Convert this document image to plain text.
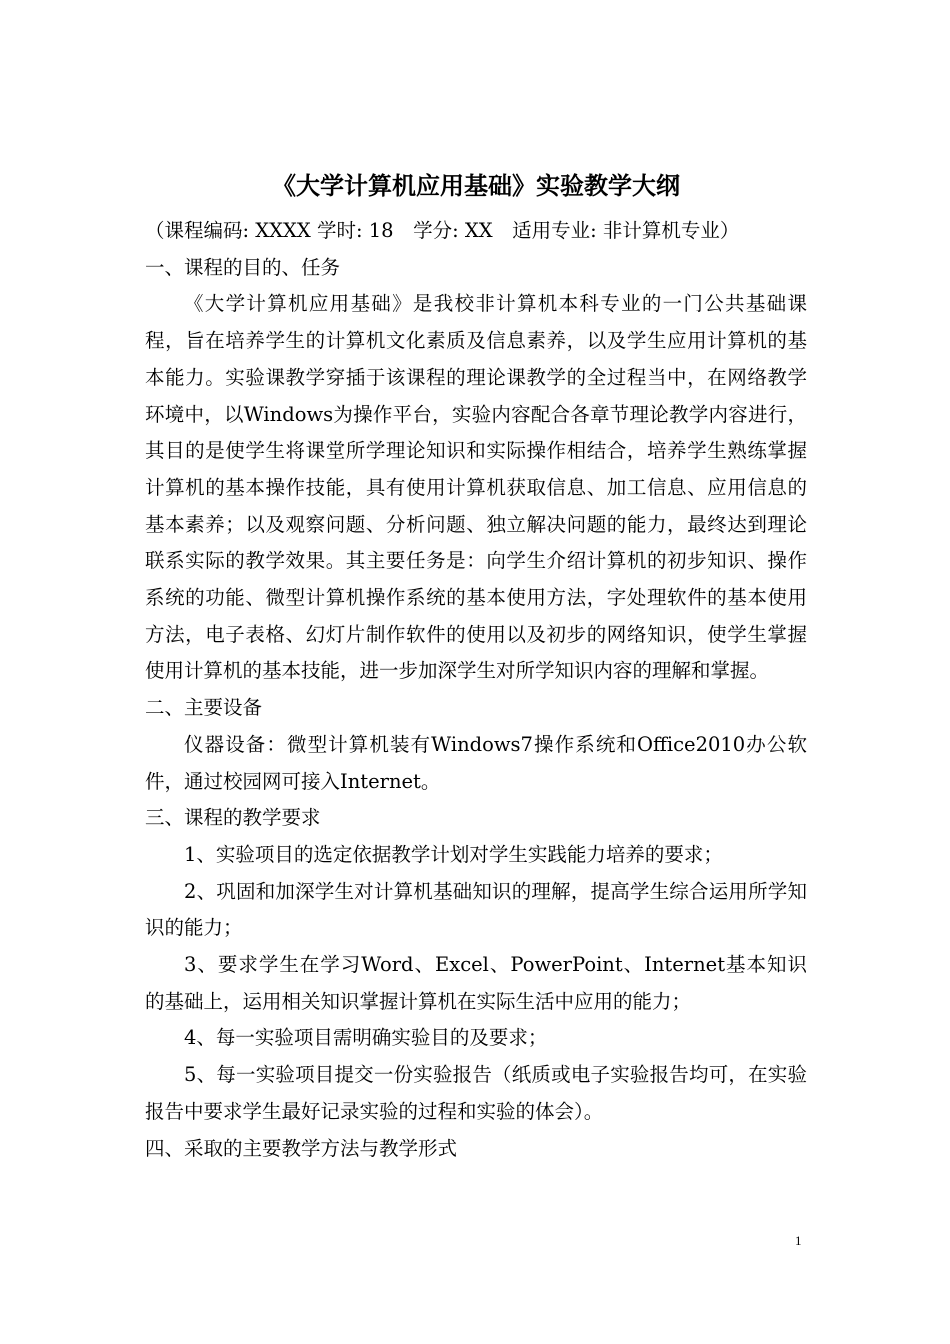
《大学计算机应用基础》实验教学大纲

（课程编码: XXXX 学时: 18　学分: XX　适用专业: 非计算机专业）

一、课程的目的、任务

《大学计算机应用基础》是我校非计算机本科专业的一门公共基础课程，旨在培养学生的计算机文化素质及信息素养，以及学生应用计算机的基本能力。实验课教学穿插于该课程的理论课教学的全过程当中，在网络教学环境中，以Windows为操作平台，实验内容配合各章节理论教学内容进行，其目的是使学生将课堂所学理论知识和实际操作相结合，培养学生熟练掌握计算机的基本操作技能，具有使用计算机获取信息、加工信息、应用信息的基本素养；以及观察问题、分析问题、独立解决问题的能力，最终达到理论联系实际的教学效果。其主要任务是：向学生介绍计算机的初步知识、操作系统的功能、微型计算机操作系统的基本使用方法，字处理软件的基本使用方法，电子表格、幻灯片制作软件的使用以及初步的网络知识，使学生掌握使用计算机的基本技能，进一步加深学生对所学知识内容的理解和掌握。

二、主要设备

仪器设备：微型计算机装有Windows7操作系统和Office2010办公软件，通过校园网可接入Internet。

三、课程的教学要求

1、实验项目的选定依据教学计划对学生实践能力培养的要求；

2、巩固和加深学生对计算机基础知识的理解，提高学生综合运用所学知识的能力；

3、要求学生在学习Word、Excel、PowerPoint、Internet基本知识的基础上，运用相关知识掌握计算机在实际生活中应用的能力；

4、每一实验项目需明确实验目的及要求；

5、每一实验项目提交一份实验报告（纸质或电子实验报告均可，在实验报告中要求学生最好记录实验的过程和实验的体会）。

四、采取的主要教学方法与教学形式

1
